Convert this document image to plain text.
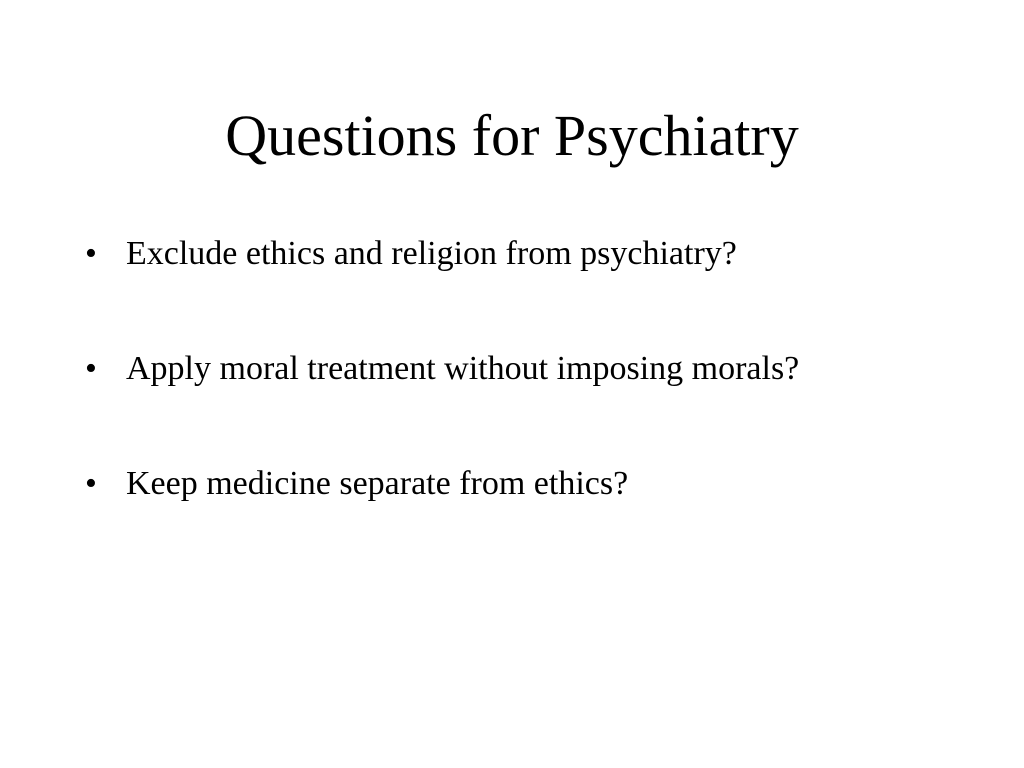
Questions for Psychiatry
• Exclude ethics and religion from psychiatry?
• Apply moral treatment without imposing morals?
• Keep medicine separate from ethics?
